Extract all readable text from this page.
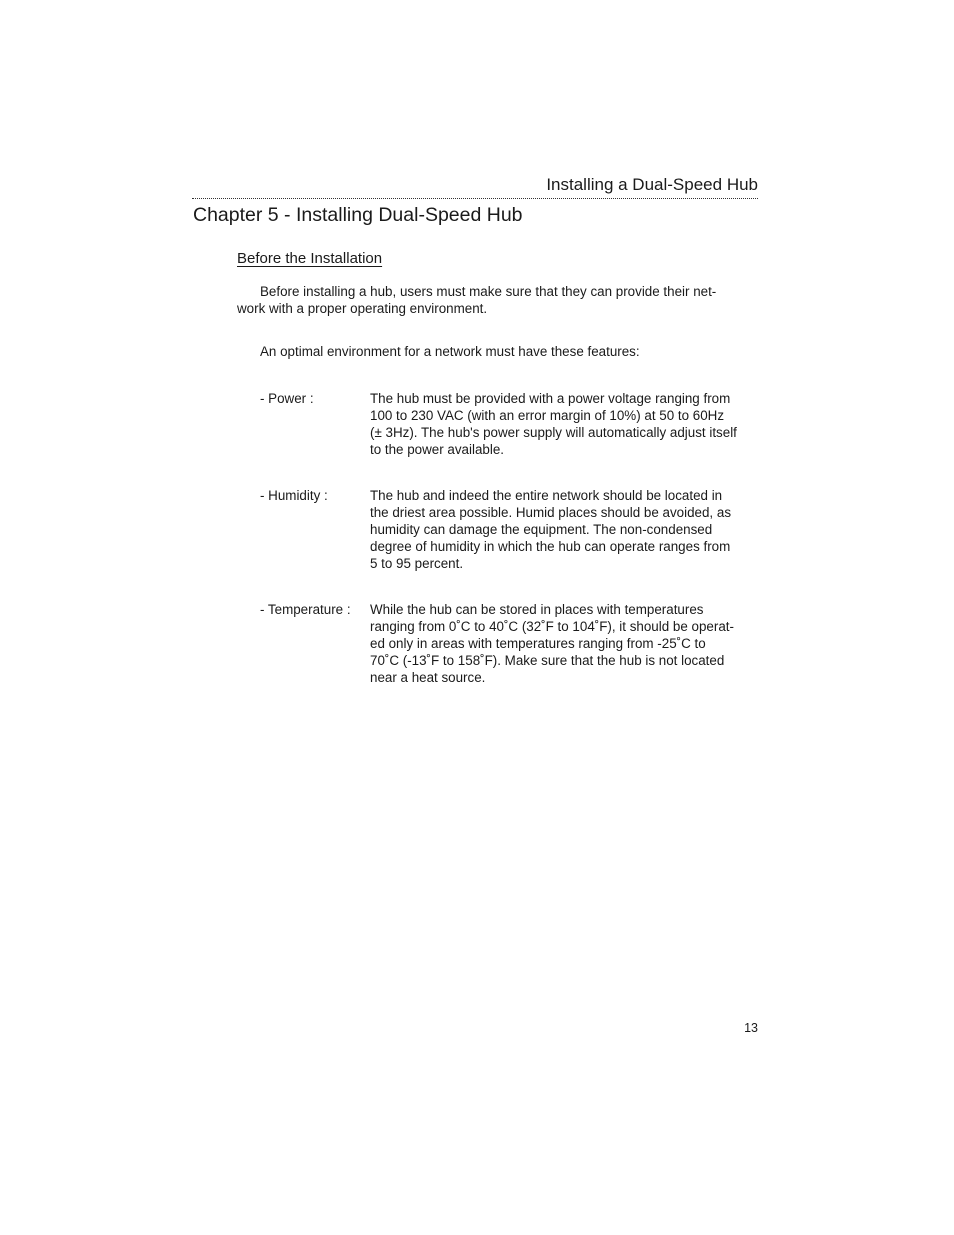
Installing a Dual-Speed Hub
Chapter 5 - Installing Dual-Speed Hub
Before the Installation
Before installing a hub, users must make sure that they can provide their net-
work with a proper operating environment.
An optimal environment for a network must have these features:
- Power :	The hub must be provided with a power voltage ranging from
100 to 230 VAC (with an error margin of 10%) at 50 to 60Hz
(± 3Hz). The hub's power supply will automatically adjust itself
to the power available.
- Humidity :	The hub and indeed the entire network should be located in
the driest area possible. Humid places should be avoided, as
humidity can damage the equipment. The non-condensed
degree of humidity in which the hub can operate ranges from
5 to 95 percent.
- Temperature : While the hub can be stored in places with temperatures
ranging from 0˚C to 40˚C (32˚F to 104˚F), it should be operat-
ed only in areas with temperatures ranging from -25˚C to
70˚C (-13˚F to 158˚F). Make sure that the hub is not located
near a heat source.
13
